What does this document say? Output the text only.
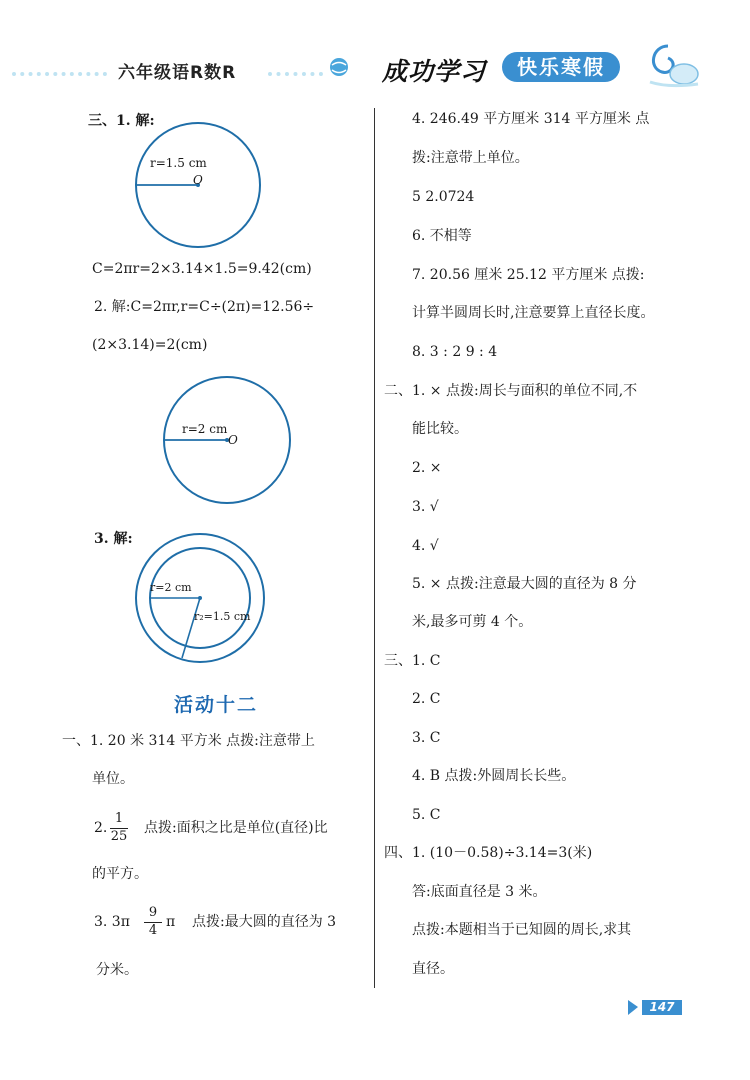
六年级语R数R	成功学习	快乐寒假
三、1. 解:
r=1.5 cm
O
C=2πr=2×3.14×1.5=9.42(cm)
2. 解:C=2πr,r=C÷(2π)=12.56÷
(2×3.14)=2(cm)
r=2 cm
O
3. 解:
r=2 cm
r₂=1.5 cm
活动十二
一、1. 20 米 314 平方米 点拨:注意带上
单位。
2.
1
25
点拨:面积之比是单位(直径)比
的平方。
3. 3π
9
4
π 点拨:最大圆的直径为 3
分米。
4. 246.49 平方厘米 314 平方厘米 点
拨:注意带上单位。
5 2.0724
6. 不相等
7. 20.56 厘米 25.12 平方厘米 点拨:
计算半圆周长时,注意要算上直径长度。
8. 3 : 2 9 : 4
二、1. × 点拨:周长与面积的单位不同,不
能比较。
2. ×
3. √
4. √
5. × 点拨:注意最大圆的直径为 8 分
米,最多可剪 4 个。
三、1. C
2. C
3. C
4. B 点拨:外圆周长长些。
5. C
四、1. (10－0.58)÷3.14=3(米)
答:底面直径是 3 米。
点拨:本题相当于已知圆的周长,求其
直径。
147
